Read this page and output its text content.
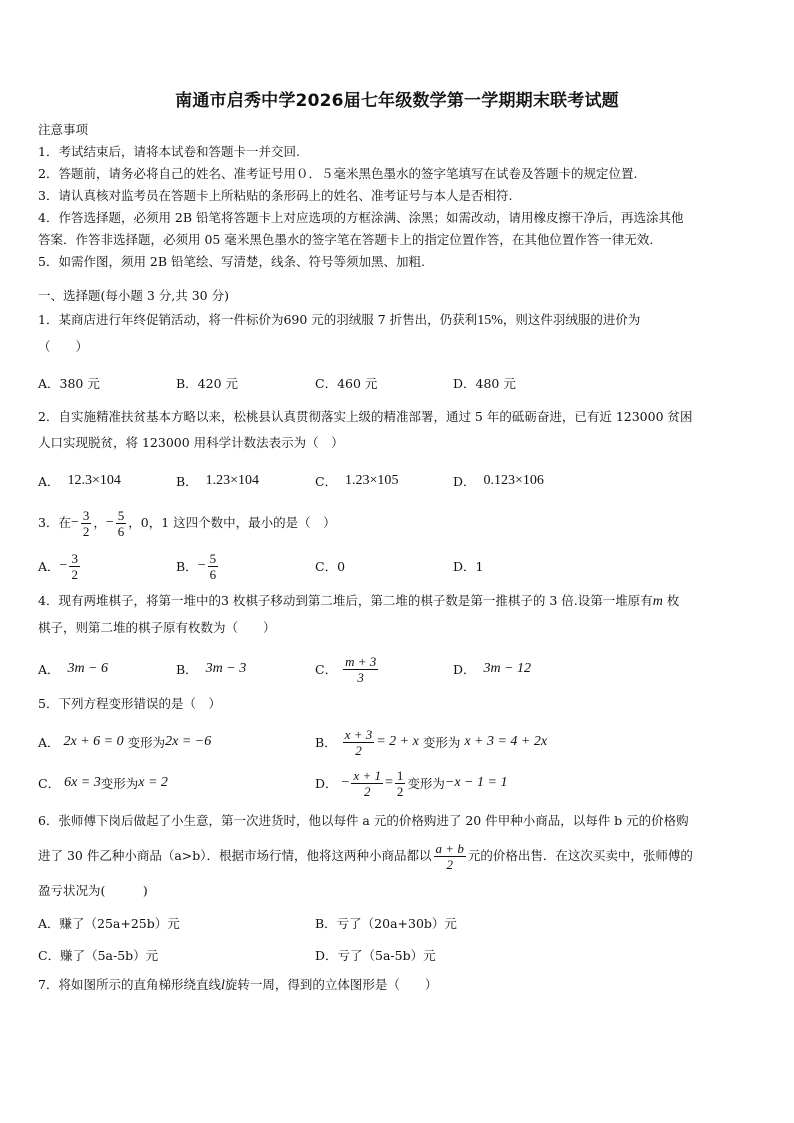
南通市启秀中学2026届七年级数学第一学期期末联考试题

注意事项

1．考试结束后，请将本试卷和答题卡一并交回.

2．答题前，请务必将自己的姓名、准考证号用０．５毫米黑色墨水的签字笔填写在试卷及答题卡的规定位置.

3．请认真核对监考员在答题卡上所粘贴的条形码上的姓名、准考证号与本人是否相符.

4．作答选择题，必须用 2B 铅笔将答题卡上对应选项的方框涂满、涂黑；如需改动，请用橡皮擦干净后，再选涂其他

答案．作答非选择题，必须用 05 毫米黑色墨水的签字笔在答题卡上的指定位置作答，在其他位置作答一律无效.

5．如需作图，须用 2B 铅笔绘、写清楚，线条、符号等须加黑、加粗.

一、选择题(每小题 3 分,共 30 分)
1．某商店进行年终促销活动，将一件标价为690 元的羽绒服 7 折售出，仍获利15%，则这件羽绒服的进价为
（　　）
A．380 元	B．420 元	C．460 元	D．480 元
2．自实施精准扶贫基本方略以来，松桃县认真贯彻落实上级的精准部署，通过 5 年的砥砺奋进，已有近 123000 贫困
人口实现脱贫，将 123000 用科学计数法表示为（　）
A．
12.3×10 4	B．
1.23×10 4	C．
1.23×10 5	D．
0.123×10 6
3．在 − $\frac{3}{2}$ ， − $\frac{5}{6}$ ，0，1 这四个数中，最小的是（　）
A． − $\frac{3}{2}$	B． − $\frac{5}{6}$	C．0	D．1
4．现有两堆棋子，将第一堆中的3 枚棋子移动到第二堆后，第二堆的棋子数是第一推棋子的 3 倍.设第一堆原有m 枚
棋子，则第二堆的棋子原有枚数为（　　）
A．
3m − 6	B．
3m − 3	C．
$\frac{m + 3}{3}$	D．
3m − 12
5．下列方程变形错误的是（　）
A．
2x + 6 = 0
变形为 2x = −6	B．
$\frac{x + 3}{2} = 2 + x$
变形为
x + 3 = 4 + 2x
C．
6x = 3 变形为 x = 2	D．
− $\frac{x + 1}{2} = \frac{1}{2}$ 变形为 −x − 1 = 1
6．张师傅下岗后做起了小生意，第一次进货时，他以每件 a 元的价格购进了 20 件甲种小商品，以每件 b 元的价格购

进了 30 件乙种小商品（a>b）．根据市场行情，他将这两种小商品都以 $\frac{a + b}{2}$ 元的价格出售．在这次买卖中，张师傅的

盈亏状况为(　　　)
A．赚了（25a+25b）元	B．亏了（20a+30b）元
C．赚了（5a-5b）元	D．亏了（5a-5b）元
7．将如图所示的直角梯形绕直线l旋转一周，得到的立体图形是（　　）
